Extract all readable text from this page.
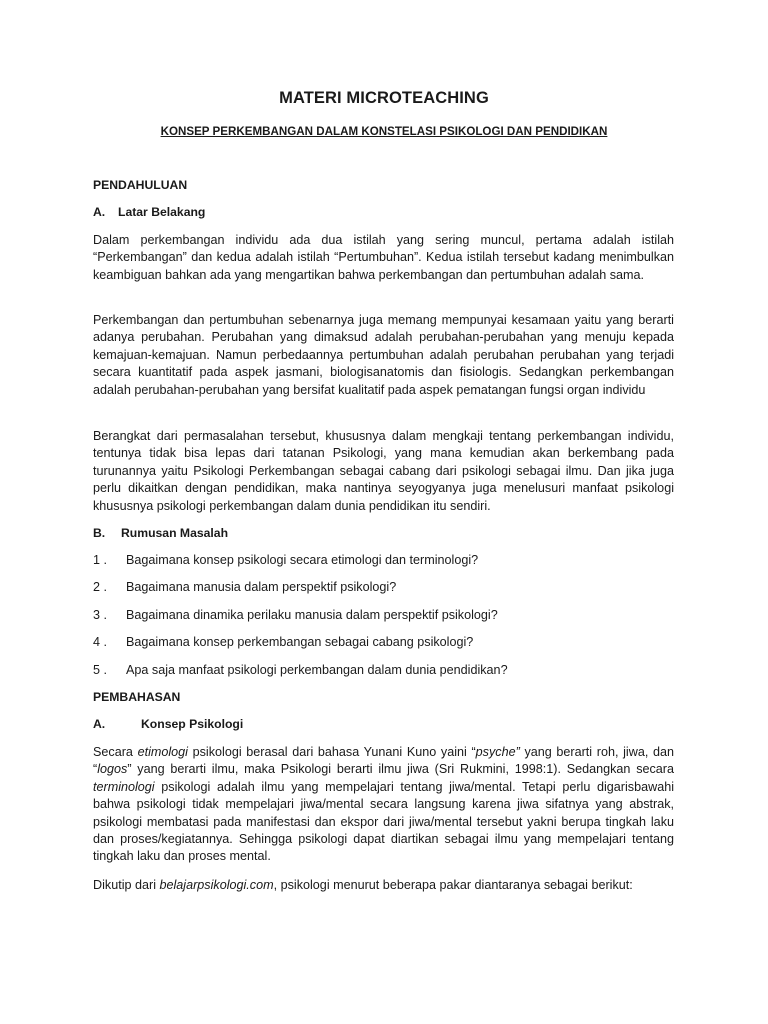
MATERI MICROTEACHING
KONSEP PERKEMBANGAN DALAM KONSTELASI PSIKOLOGI DAN PENDIDIKAN
PENDAHULUAN
A. Latar Belakang

Dalam perkembangan individu ada dua istilah yang sering muncul, pertama adalah istilah “Perkembangan” dan kedua adalah istilah “Pertumbuhan”. Kedua istilah tersebut kadang menimbulkan keambiguan bahkan ada yang mengartikan bahwa perkembangan dan pertumbuhan adalah sama.

Perkembangan dan pertumbuhan sebenarnya juga memang mempunyai kesamaan yaitu yang berarti adanya perubahan. Perubahan yang dimaksud adalah perubahan-perubahan yang menuju kepada kemajuan-kemajuan. Namun perbedaannya pertumbuhan adalah perubahan perubahan yang terjadi secara kuantitatif pada aspek jasmani, biologisanatomis dan fisiologis. Sedangkan perkembangan adalah perubahan-perubahan yang bersifat kualitatif pada aspek pematangan fungsi organ individu

Berangkat dari permasalahan tersebut, khususnya dalam mengkaji tentang perkembangan individu, tentunya tidak bisa lepas dari tatanan Psikologi, yang mana kemudian akan berkembang pada turunannya yaitu Psikologi Perkembangan sebagai cabang dari psikologi sebagai ilmu. Dan jika juga perlu dikaitkan dengan pendidikan, maka nantinya seyogyanya juga menelusuri manfaat psikologi khususnya psikologi perkembangan dalam dunia pendidikan itu sendiri.

B. Rumusan Masalah
1 . Bagaimana konsep psikologi secara etimologi dan terminologi?
2 . Bagaimana manusia dalam perspektif psikologi?
3 . Bagaimana dinamika perilaku manusia dalam perspektif psikologi?
4 . Bagaimana konsep perkembangan sebagai cabang psikologi?
5 . Apa saja manfaat psikologi perkembangan dalam dunia pendidikan?
PEMBAHASAN
A.	Konsep Psikologi

Secara etimologi psikologi berasal dari bahasa Yunani Kuno yaini “psyche” yang berarti roh, jiwa, dan “logos” yang berarti ilmu, maka Psikologi berarti ilmu jiwa (Sri Rukmini, 1998:1). Sedangkan secara terminologi psikologi adalah ilmu yang mempelajari tentang jiwa/mental. Tetapi perlu digarisbawahi bahwa psikologi tidak mempelajari jiwa/mental secara langsung karena jiwa sifatnya yang abstrak, psikologi membatasi pada manifestasi dan ekspor dari jiwa/mental tersebut yakni berupa tingkah laku dan proses/kegiatannya. Sehingga psikologi dapat diartikan sebagai ilmu yang mempelajari tentang tingkah laku dan proses mental.

Dikutip dari belajarpsikologi.com, psikologi menurut beberapa pakar diantaranya sebagai berikut:
